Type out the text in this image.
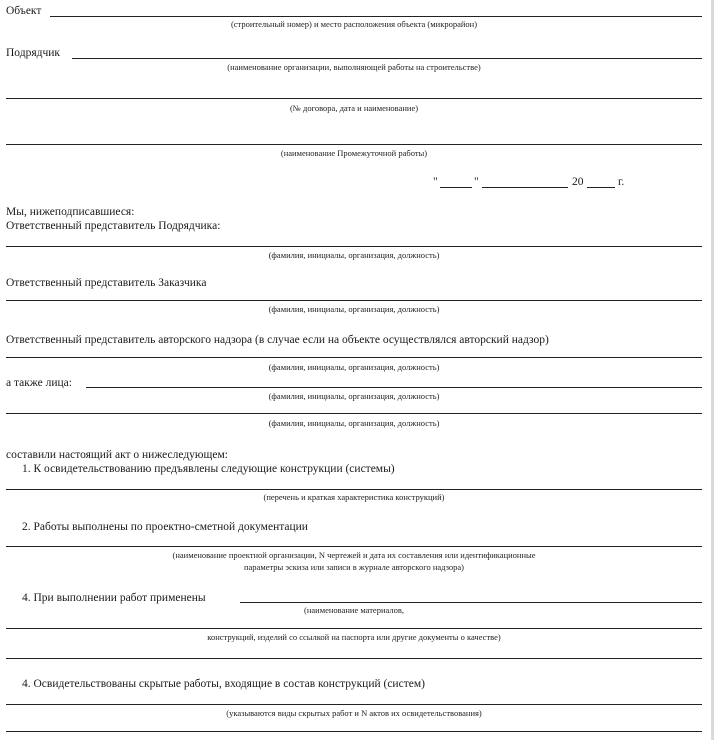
Объект
(строительный номер) и место расположения объекта (микрорайон)
Подрядчик
(наименование организации, выполняющей работы на строительстве)
(№ договора, дата и наименование)
(наименование Промежуточной работы)
"	"	20	г.
Мы, нижеподписавшиеся:
Ответственный представитель Подрядчика:
(фамилия, инициалы, организация, должность)
Ответственный представитель Заказчика
(фамилия, инициалы, организация, должность)
Ответственный представитель авторского надзора (в случае если на объекте осуществлялся авторский надзор)
(фамилия, инициалы, организация, должность)
а также лица:
(фамилия, инициалы, организация, должность)
(фамилия, инициалы, организация, должность)
составили настоящий акт о нижеследующем:
1. К освидетельствованию предъявлены следующие конструкции (системы)
(перечень и краткая характеристика конструкций)
2. Работы выполнены по проектно-сметной документации
(наименование проектной организации, N чертежей и дата их составления или идентификационные
параметры эскиза или записи в журнале авторского надзора)
4. При выполнении работ применены
(наименование материалов,
конструкций, изделий со ссылкой на паспорта или другие документы о качестве)
4. Освидетельствованы скрытые работы, входящие в состав конструкций (систем)
(указываются виды скрытых работ и N актов их освидетельствования)
